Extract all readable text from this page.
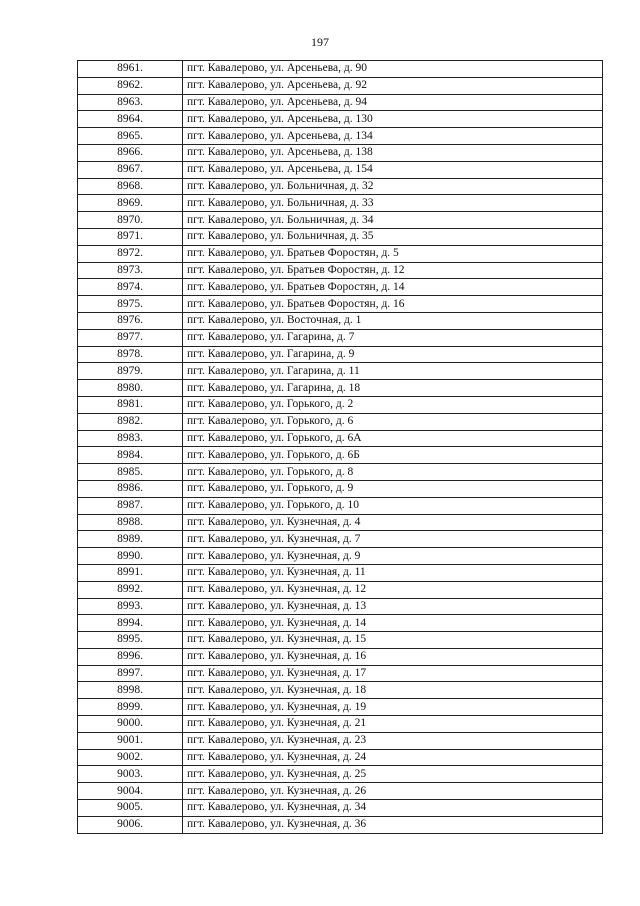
197
8961.	пгт. Кавалерово, ул. Арсеньева, д. 90
8962.	пгт. Кавалерово, ул. Арсеньева, д. 92
8963.	пгт. Кавалерово, ул. Арсеньева, д. 94
8964.	пгт. Кавалерово, ул. Арсеньева, д. 130
8965.	пгт. Кавалерово, ул. Арсеньева, д. 134
8966.	пгт. Кавалерово, ул. Арсеньева, д. 138
8967.	пгт. Кавалерово, ул. Арсеньева, д. 154
8968.	пгт. Кавалерово, ул. Больничная, д. 32
8969.	пгт. Кавалерово, ул. Больничная, д. 33
8970.	пгт. Кавалерово, ул. Больничная, д. 34
8971.	пгт. Кавалерово, ул. Больничная, д. 35
8972.	пгт. Кавалерово, ул. Братьев Форостян, д. 5
8973.	пгт. Кавалерово, ул. Братьев Форостян, д. 12
8974.	пгт. Кавалерово, ул. Братьев Форостян, д. 14
8975.	пгт. Кавалерово, ул. Братьев Форостян, д. 16
8976.	пгт. Кавалерово, ул. Восточная, д. 1
8977.	пгт. Кавалерово, ул. Гагарина, д. 7
8978.	пгт. Кавалерово, ул. Гагарина, д. 9
8979.	пгт. Кавалерово, ул. Гагарина, д. 11
8980.	пгт. Кавалерово, ул. Гагарина, д. 18
8981.	пгт. Кавалерово, ул. Горького, д. 2
8982.	пгт. Кавалерово, ул. Горького, д. 6
8983.	пгт. Кавалерово, ул. Горького, д. 6А
8984.	пгт. Кавалерово, ул. Горького, д. 6Б
8985.	пгт. Кавалерово, ул. Горького, д. 8
8986.	пгт. Кавалерово, ул. Горького, д. 9
8987.	пгт. Кавалерово, ул. Горького, д. 10
8988.	пгт. Кавалерово, ул. Кузнечная, д. 4
8989.	пгт. Кавалерово, ул. Кузнечная, д. 7
8990.	пгт. Кавалерово, ул. Кузнечная, д. 9
8991.	пгт. Кавалерово, ул. Кузнечная, д. 11
8992.	пгт. Кавалерово, ул. Кузнечная, д. 12
8993.	пгт. Кавалерово, ул. Кузнечная, д. 13
8994.	пгт. Кавалерово, ул. Кузнечная, д. 14
8995.	пгт. Кавалерово, ул. Кузнечная, д. 15
8996.	пгт. Кавалерово, ул. Кузнечная, д. 16
8997.	пгт. Кавалерово, ул. Кузнечная, д. 17
8998.	пгт. Кавалерово, ул. Кузнечная, д. 18
8999.	пгт. Кавалерово, ул. Кузнечная, д. 19
9000.	пгт. Кавалерово, ул. Кузнечная, д. 21
9001.	пгт. Кавалерово, ул. Кузнечная, д. 23
9002.	пгт. Кавалерово, ул. Кузнечная, д. 24
9003.	пгт. Кавалерово, ул. Кузнечная, д. 25
9004.	пгт. Кавалерово, ул. Кузнечная, д. 26
9005.	пгт. Кавалерово, ул. Кузнечная, д. 34
9006.	пгт. Кавалерово, ул. Кузнечная, д. 36
